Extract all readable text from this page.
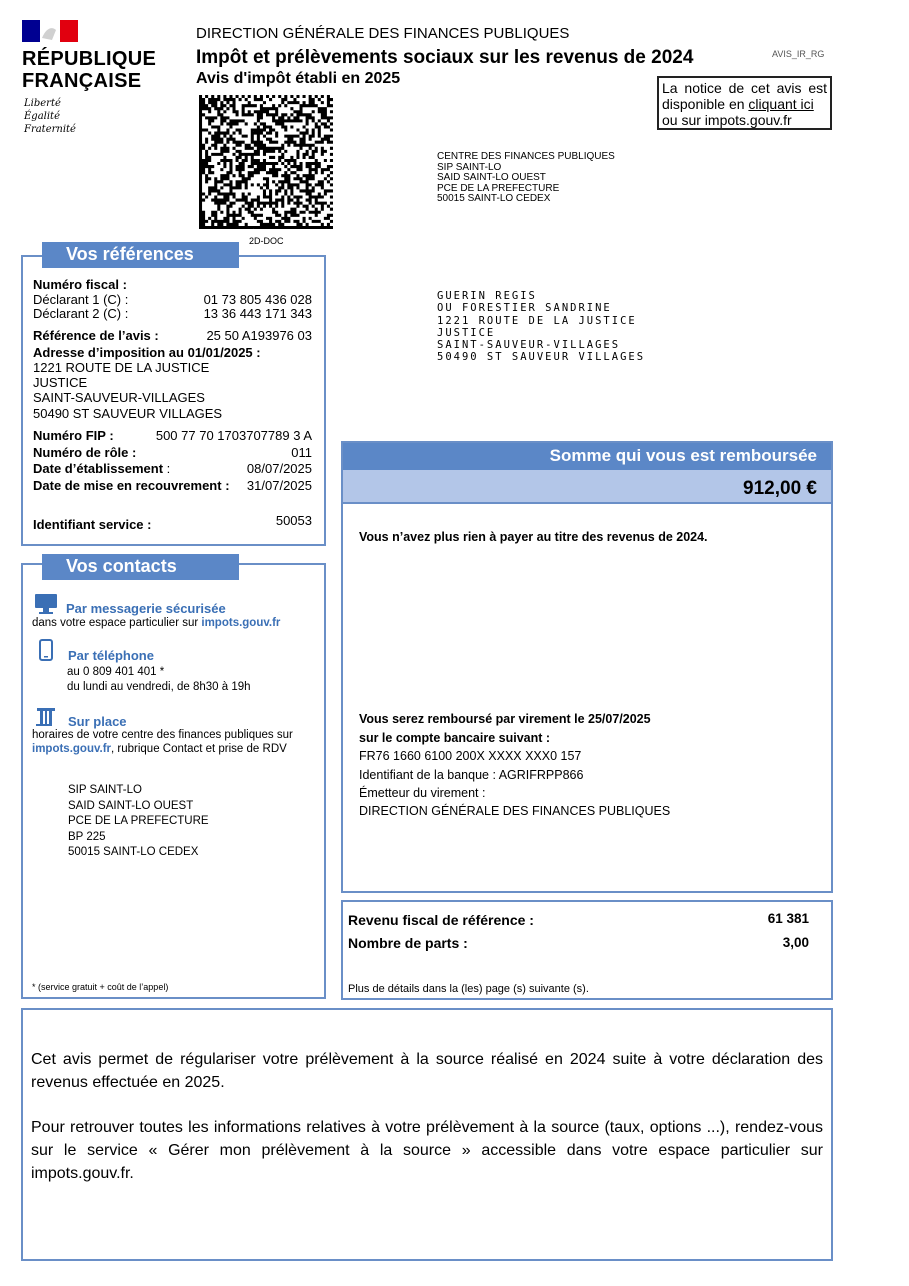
RÉPUBLIQUE
FRANÇAISE
Liberté
Égalité
Fraternité
DIRECTION GÉNÉRALE DES FINANCES PUBLIQUES
Impôt et prélèvements sociaux sur les revenus de 2024
Avis d'impôt établi en 2025
AVIS_IR_RG
La notice de cet avis est disponible en cliquant ici
ou sur impots.gouv.fr
2D-DOC
CENTRE DES FINANCES PUBLIQUES
SIP SAINT-LO
SAID SAINT-LO OUEST
PCE DE LA PREFECTURE
50015 SAINT-LO CEDEX
GUERIN REGIS
OU FORESTIER SANDRINE
1221 ROUTE DE LA JUSTICE
JUSTICE
SAINT-SAUVEUR-VILLAGES
50490 ST SAUVEUR VILLAGES
Numéro fiscal :
Déclarant 1 (C) :	01 73 805 436 028
Déclarant 2 (C) :	13 36 443 171 343
Référence de l’avis :	25 50 A193976 03
Adresse d’imposition au 01/01/2025 :
1221 ROUTE DE LA JUSTICE
JUSTICE
SAINT-SAUVEUR-VILLAGES
50490 ST SAUVEUR VILLAGES
Numéro FIP :	500 77 70 1703707789 3 A
Numéro de rôle :	011
Date d’établissement :	08/07/2025
Date de mise en recouvrement : 31/07/2025
Identifiant service :	50053
Vos références
Par messagerie sécurisée
dans votre espace particulier sur impots.gouv.fr
Par téléphone
au 0 809 401 401 *
du lundi au vendredi, de 8h30 à 19h
Sur place
horaires de votre centre des finances publiques sur
impots.gouv.fr, rubrique Contact et prise de RDV
SIP SAINT-LO
SAID SAINT-LO OUEST
PCE DE LA PREFECTURE
BP 225
50015 SAINT-LO CEDEX
* (service gratuit + coût de l’appel)
Vos contacts
Somme qui vous est remboursée
912,00 €
Vous n’avez plus rien à payer au titre des revenus de 2024.
Vous serez remboursé par virement le 25/07/2025
sur le compte bancaire suivant :
FR76 1660 6100 200X XXXX XXX0 157
Identifiant de la banque : AGRIFRPP866
Émetteur du virement :
DIRECTION GÉNÉRALE DES FINANCES PUBLIQUES
Revenu fiscal de référence :	61 381
Nombre de parts :	3,00
Plus de détails dans la (les) page (s) suivante (s).

Cet avis permet de régulariser votre prélèvement à la source réalisé en 2024 suite à votre déclaration des revenus effectuée en 2025.

Pour retrouver toutes les informations relatives à votre prélèvement à la source (taux, options ...), rendez-vous sur le service « Gérer mon prélèvement à la source » accessible dans votre espace particulier sur impots.gouv.fr.
